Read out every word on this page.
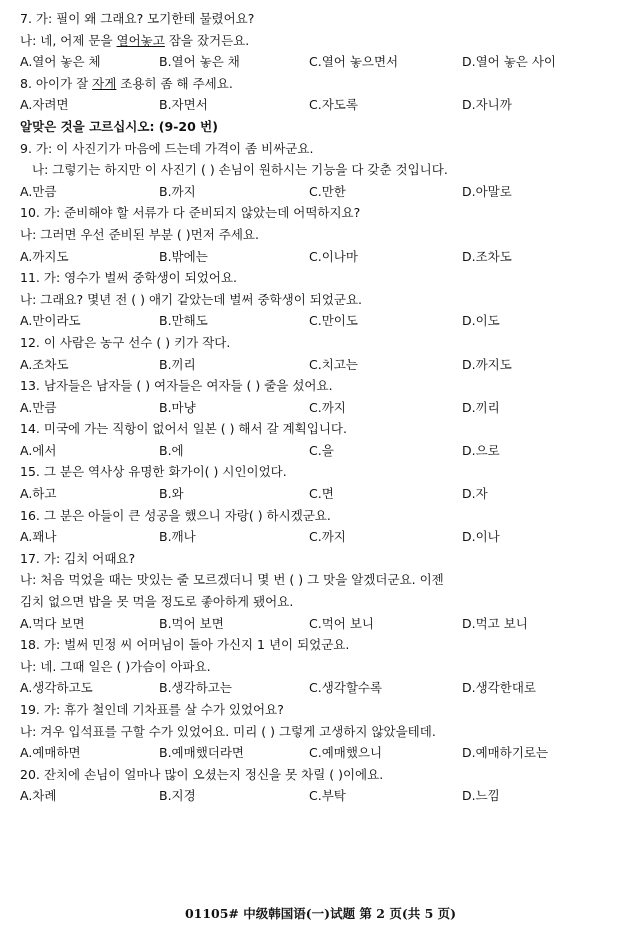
7. 가: 필이 왜 그래요? 모기한테 물렸어요?
나: 네, 어제 문을 열어놓고 잠을 잤거든요.
A.열어 놓은 체	B.열어 놓은 채	C.열어 놓으면서	D.열어 놓은 사이
8. 아이가 잘 자게 조용히 좀 해 주세요.
A.자려면	B.자면서	C.자도록	D.자니까
알맞은 것을 고르십시오: (9-20 번)
9. 가: 이 사진기가 마음에 드는데 가격이 좀 비싸군요.
나: 그렇기는 하지만 이 사진기 ( ) 손님이 원하시는 기능을 다 갖춘 것입니다.
A.만큼	B.까지	C.만한	D.아말로
10. 가: 준비해야 할 서류가 다 준비되지 않았는데 어떡하지요?
나: 그러면 우선 준비된 부분 ( )먼저 주세요.
A.까지도	B.밖에는	C.이나마	D.조차도
11. 가: 영수가 벌써 중학생이 되었어요.
나: 그래요? 몇년 전 ( ) 애기 같았는데 벌써 중학생이 되었군요.
A.만이라도	B.만해도	C.만이도	D.이도
12. 이 사람은 농구 선수 ( ) 키가 작다.
A.조차도	B.끼리	C.치고는	D.까지도
13. 남자들은 남자들 ( ) 여자들은 여자들 ( ) 줄을 섰어요.
A.만큼	B.마냥	C.까지	D.끼리
14. 미국에 가는 직항이 없어서 일본 ( ) 해서 갈 계획입니다.
A.에서	B.에	C.을	D.으로
15. 그 분은 역사상 유명한 화가이( ) 시인이었다.
A.하고	B.와	C.면	D.자
16. 그 분은 아들이 큰 성공을 했으니 자랑( ) 하시겠군요.
A.꽤나	B.깨나	C.까지	D.이나
17. 가: 김치 어때요?
나: 처음 먹었을 때는 맛있는 줄 모르겠더니 몇 번 ( ) 그 맛을 알겠더군요. 이젠
김치 없으면 밥을 못 먹을 정도로 좋아하게 됐어요.
A.먹다 보면	B.먹어 보면	C.먹어 보니	D.먹고 보니
18. 가: 벌써 민정 씨 어머님이 돌아 가신지 1 년이 되었군요.
나: 네. 그때 일은 ( )가슴이 아파요.
A.생각하고도	B.생각하고는	C.생각할수록	D.생각한대로
19. 가: 휴가 철인데 기차표를 살 수가 있었어요?
나: 겨우 입석표를 구할 수가 있었어요. 미리 ( ) 그렇게 고생하지 않았을테데.
A.예매하면	B.예매했더라면	C.예매했으니	D.예매하기로는
20. 잔치에 손님이 얼마나 많이 오셨는지 정신을 못 차릴 ( )이에요.
A.차례	B.지경	C.부탁	D.느낌
01105# 中级韩国语(一)试题 第 2 页(共 5 页)
